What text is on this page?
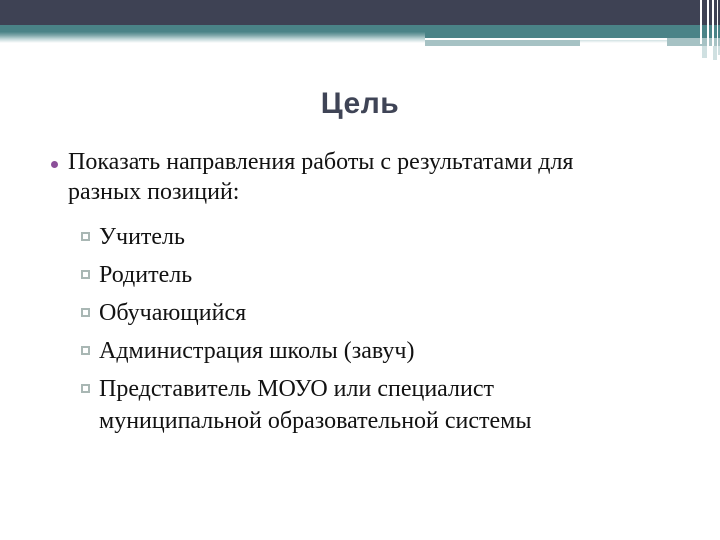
Цель
Показать направления работы с результатами для
разных позиций:
Учитель
Родитель
Обучающийся
Администрация школы (завуч)
Представитель МОУО или специалист
муниципальной образовательной системы
